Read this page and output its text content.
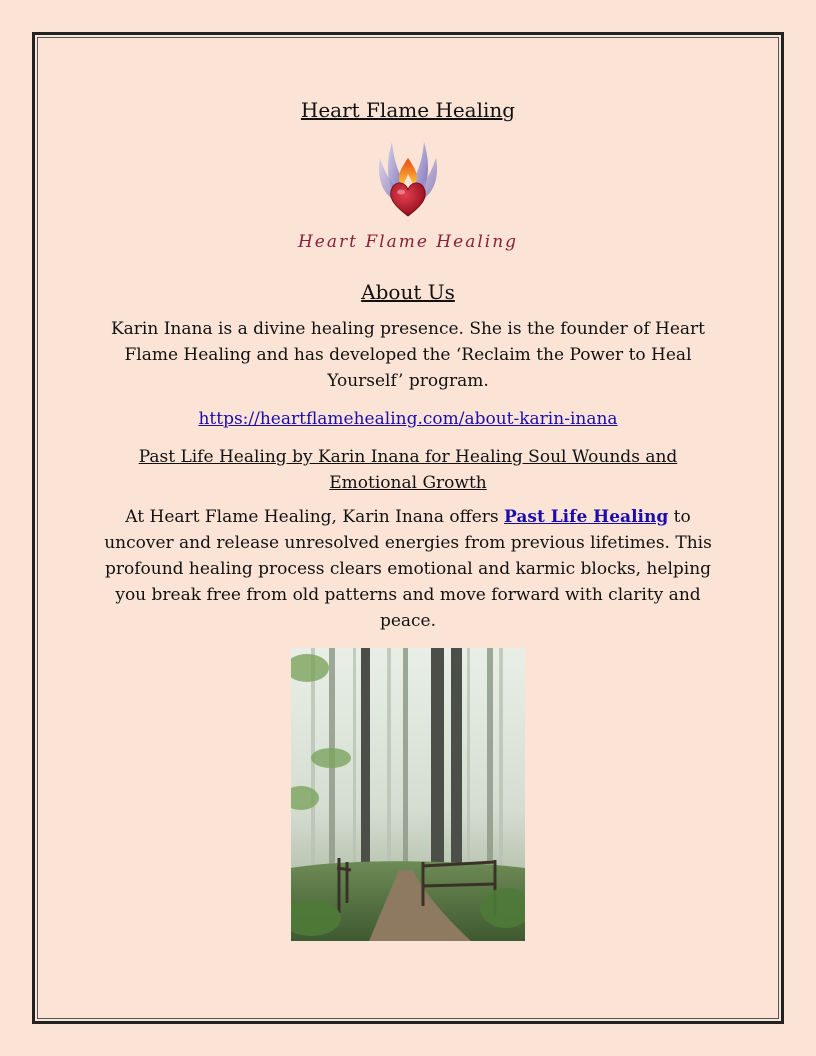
Heart Flame Healing
Heart Flame Healing
About Us

Karin Inana is a divine healing presence. She is the founder of Heart Flame Healing and has developed the ‘Reclaim the Power to Heal Yourself’ program.

https://heartflamehealing.com/about-karin-inana

Past Life Healing by Karin Inana for Healing Soul Wounds and Emotional Growth

At Heart Flame Healing, Karin Inana offers Past Life Healing to uncover and release unresolved energies from previous lifetimes. This profound healing process clears emotional and karmic blocks, helping you break free from old patterns and move forward with clarity and peace.
